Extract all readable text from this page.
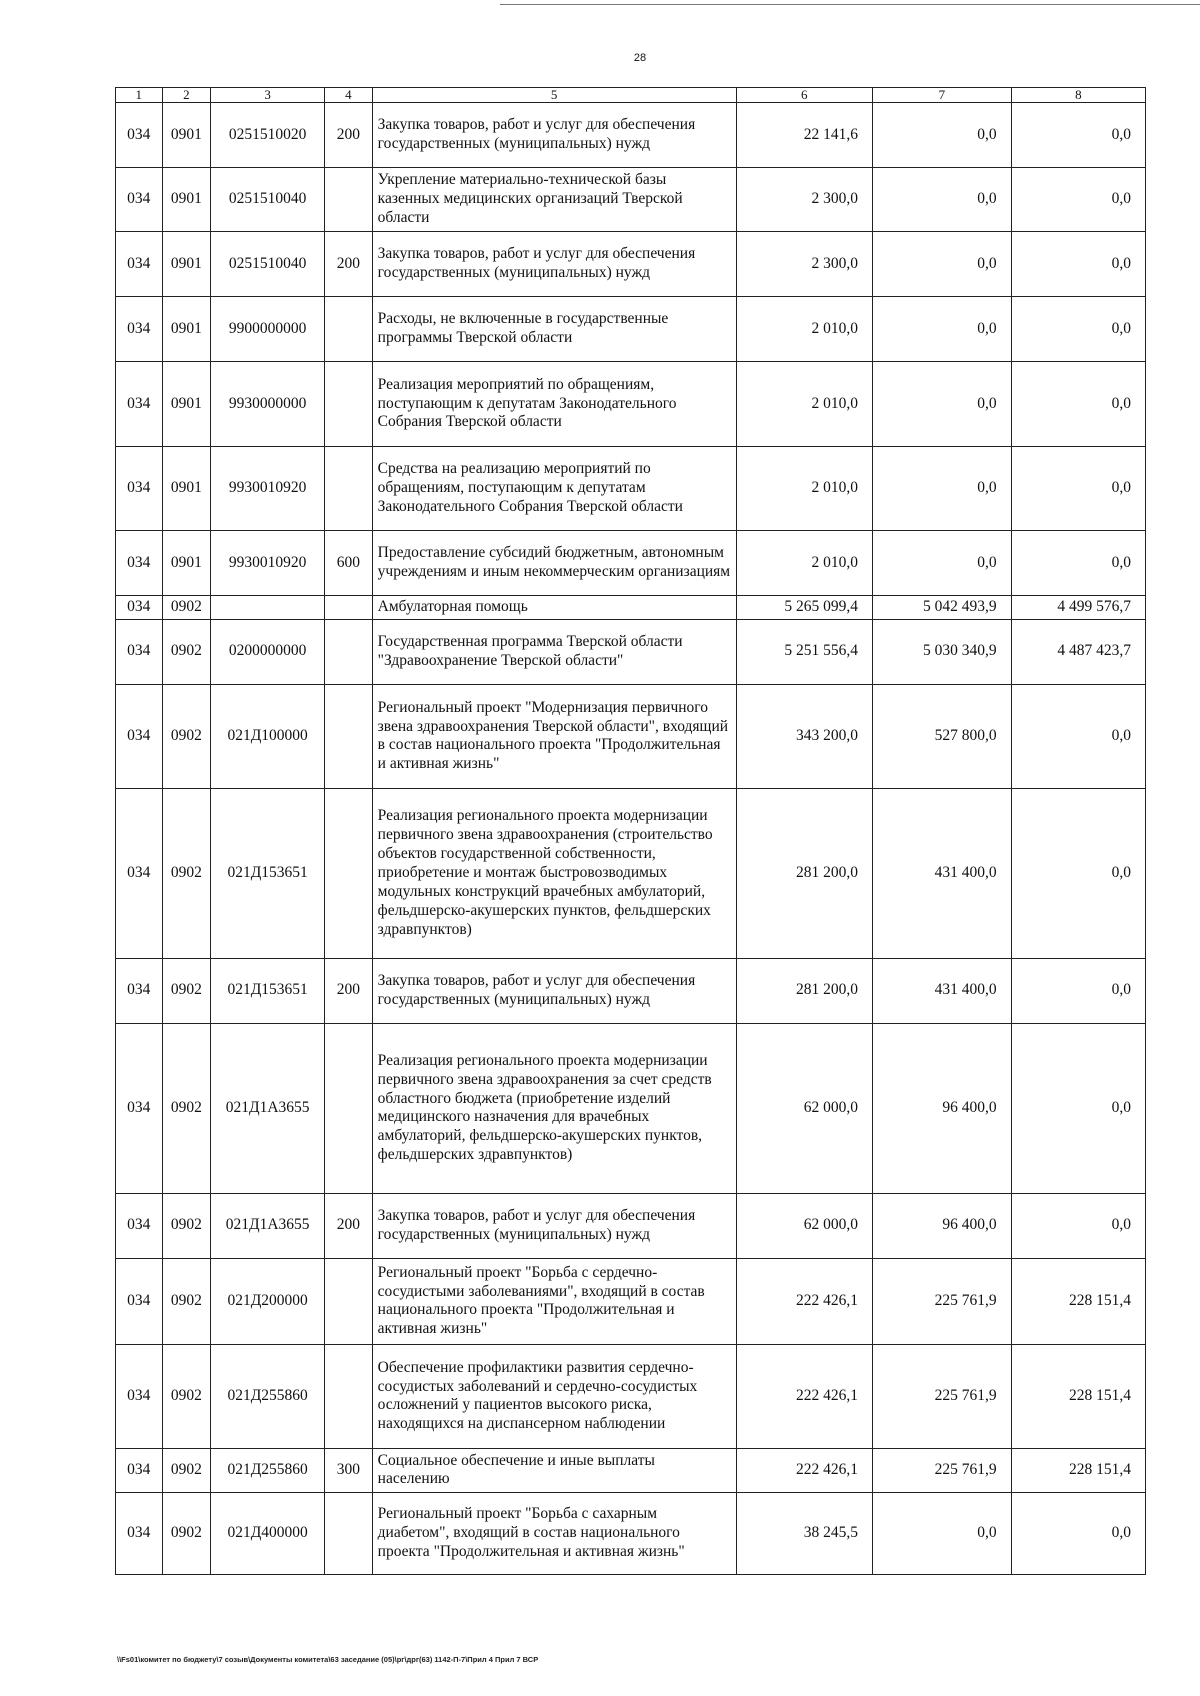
28
1	2	3	4	5	6	7	8
034	0901	0251510020	200	Закупка товаров, работ и услуг для обеспечения государственных (муниципальных) нужд	22 141,6	0,0	0,0
034	0901	0251510040		Укрепление материально-технической базы казенных медицинских организаций Тверской области	2 300,0	0,0	0,0
034	0901	0251510040	200	Закупка товаров, работ и услуг для обеспечения государственных (муниципальных) нужд	2 300,0	0,0	0,0
034	0901	9900000000		Расходы, не включенные в государственные программы Тверской области	2 010,0	0,0	0,0
034	0901	9930000000		Реализация мероприятий по обращениям, поступающим к депутатам Законодательного Собрания Тверской области	2 010,0	0,0	0,0
034	0901	9930010920		Средства на реализацию мероприятий по обращениям, поступающим к депутатам Законодательного Собрания Тверской области	2 010,0	0,0	0,0
034	0901	9930010920	600	Предоставление субсидий бюджетным, автономным учреждениям и иным некоммерческим организациям	2 010,0	0,0	0,0
034	0902			Амбулаторная помощь	5 265 099,4	5 042 493,9	4 499 576,7
034	0902	0200000000		Государственная программа Тверской области "Здравоохранение Тверской области"	5 251 556,4	5 030 340,9	4 487 423,7
034	0902	021Д100000		Региональный проект "Модернизация первичного звена здравоохранения Тверской области", входящий в состав национального проекта "Продолжительная и активная жизнь"	343 200,0	527 800,0	0,0
034	0902	021Д153651		Реализация регионального проекта модернизации первичного звена здравоохранения (строительство объектов государственной собственности, приобретение и монтаж быстровозводимых модульных конструкций врачебных амбулаторий, фельдшерско-акушерских пунктов, фельдшерских здравпунктов)	281 200,0	431 400,0	0,0
034	0902	021Д153651	200	Закупка товаров, работ и услуг для обеспечения государственных (муниципальных) нужд	281 200,0	431 400,0	0,0
034	0902	021Д1А3655		Реализация регионального проекта модернизации первичного звена здравоохранения за счет средств областного бюджета (приобретение изделий медицинского назначения для врачебных амбулаторий, фельдшерско-акушерских пунктов, фельдшерских здравпунктов)	62 000,0	96 400,0	0,0
034	0902	021Д1А3655	200	Закупка товаров, работ и услуг для обеспечения государственных (муниципальных) нужд	62 000,0	96 400,0	0,0
034	0902	021Д200000		Региональный проект "Борьба с сердечно-сосудистыми заболеваниями", входящий в состав национального проекта "Продолжительная и активная жизнь"	222 426,1	225 761,9	228 151,4
034	0902	021Д255860		Обеспечение профилактики развития сердечно-сосудистых заболеваний и сердечно-сосудистых осложнений у пациентов высокого риска, находящихся на диспансерном наблюдении	222 426,1	225 761,9	228 151,4
034	0902	021Д255860	300	Социальное обеспечение и иные выплаты населению	222 426,1	225 761,9	228 151,4
034	0902	021Д400000		Региональный проект "Борьба с сахарным диабетом", входящий в состав национального проекта "Продолжительная и активная жизнь"	38 245,5	0,0	0,0
\\Fs01\комитет по бюджету\7 созыв\Документы комитета\63 заседание (05)\рг\дрг(63) 1142-П-7\Прил 4 Прил 7 ВСР
